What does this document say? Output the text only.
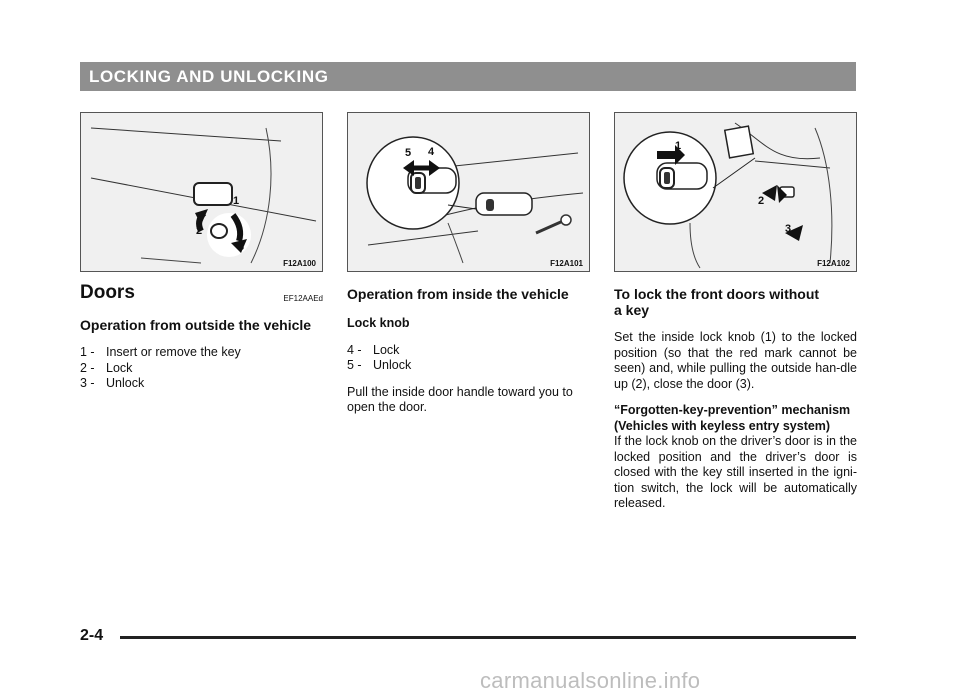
LOCKING AND UNLOCKING
1
2
3
F12A100
5 4
F12A101
1
2
3
F12A102
Doors	EF12AAEd
Operation from outside the vehicle
1 - Insert or remove the key
2 - Lock
3 - Unlock
Operation from inside the vehicle
Lock knob
4 - Lock
5 - Unlock
Pull the inside door handle toward you to open the door.
To lock the front doors without
a key
Set the inside lock knob (1) to the locked position (so that the red mark cannot be seen) and, while pulling the outside han-dle up (2), close the door (3).
“Forgotten-key-prevention” mechanism
(Vehicles with keyless entry system)
If the lock knob on the driver’s door is in the locked position and the driver’s door is closed with the key still inserted in the igni-tion switch, the lock will be automatically released.
2-4
carmanualsonline.info
